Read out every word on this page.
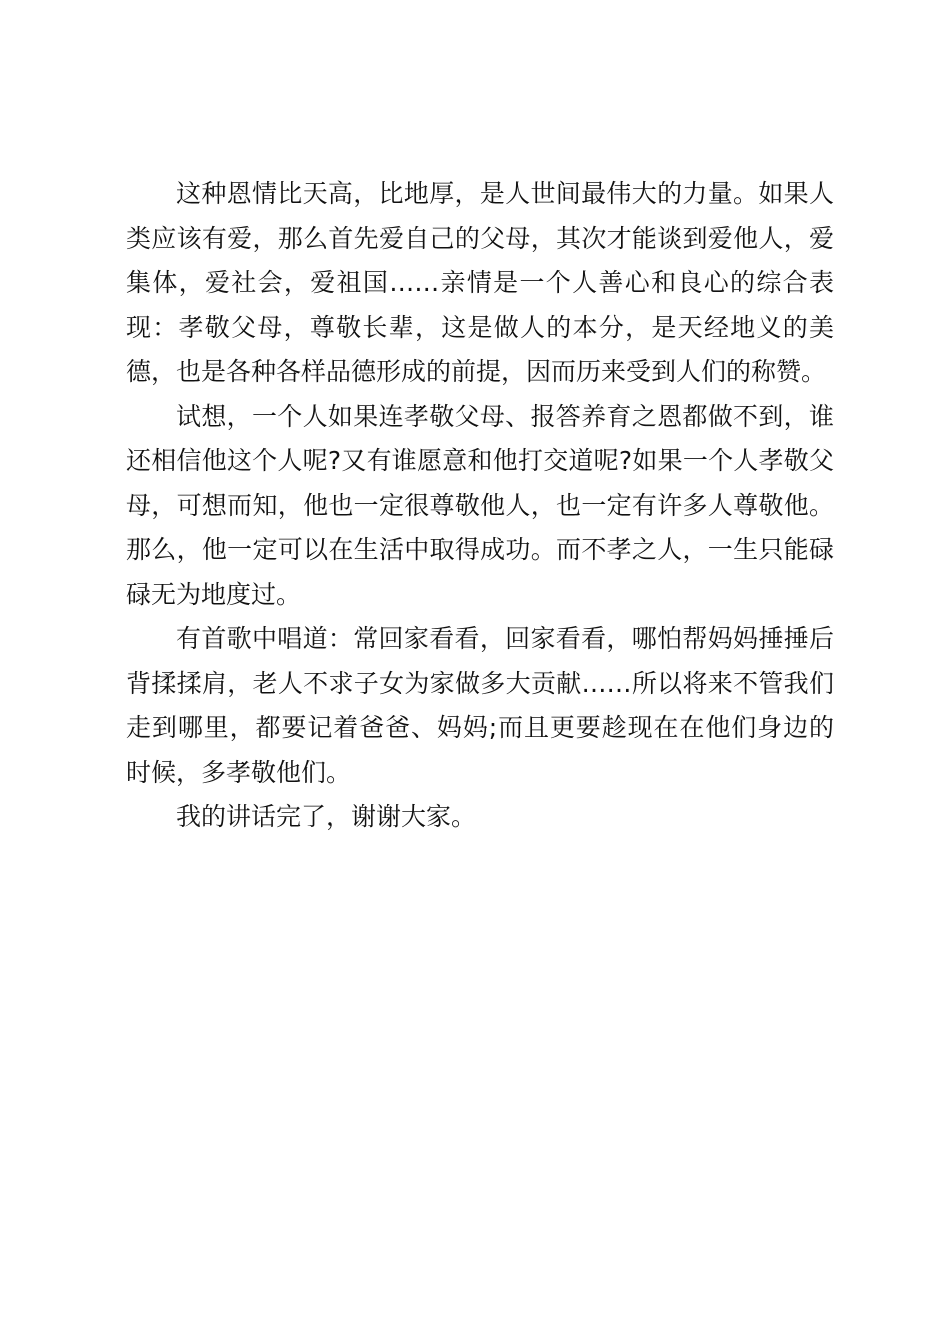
这种恩情比天高，比地厚，是人世间最伟大的力量。如果人类应该有爱，那么首先爱自己的父母，其次才能谈到爱他人，爱集体，爱社会，爱祖国……亲情是一个人善心和良心的综合表现：孝敬父母，尊敬长辈，这是做人的本分，是天经地义的美德，也是各种各样品德形成的前提，因而历来受到人们的称赞。

试想，一个人如果连孝敬父母、报答养育之恩都做不到，谁还相信他这个人呢?又有谁愿意和他打交道呢?如果一个人孝敬父母，可想而知，他也一定很尊敬他人，也一定有许多人尊敬他。那么，他一定可以在生活中取得成功。而不孝之人，一生只能碌碌无为地度过。

有首歌中唱道：常回家看看，回家看看，哪怕帮妈妈捶捶后背揉揉肩，老人不求子女为家做多大贡献……所以将来不管我们走到哪里，都要记着爸爸、妈妈;而且更要趁现在在他们身边的时候，多孝敬他们。

我的讲话完了，谢谢大家。
